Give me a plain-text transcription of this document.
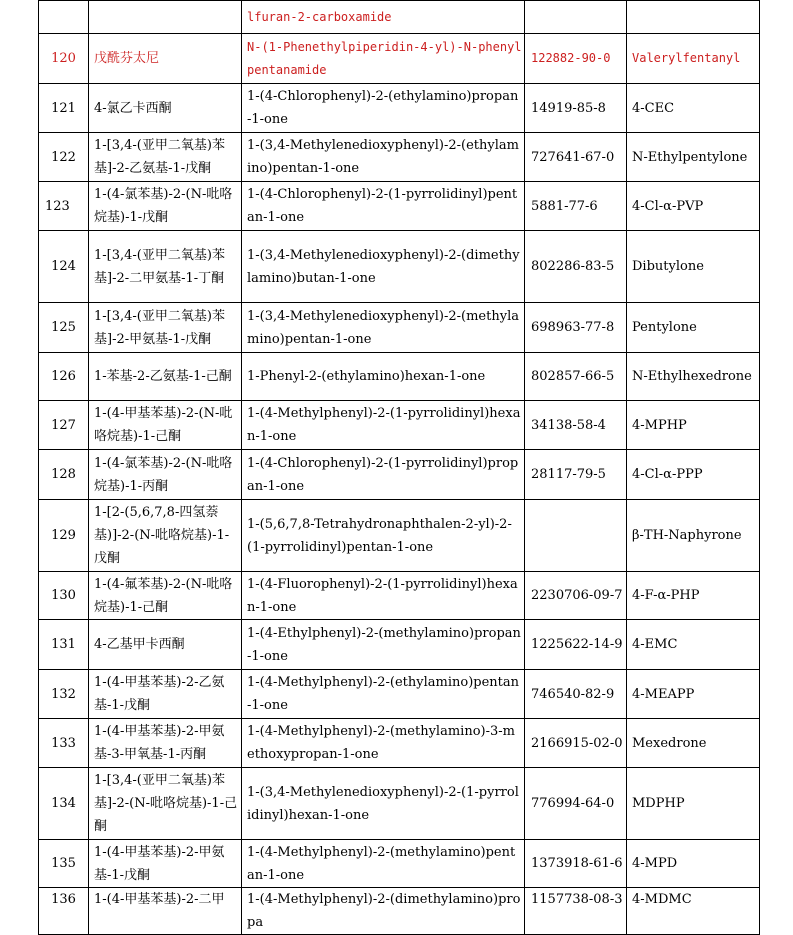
		lfuran-2-carboxamide		
120	戊酰芬太尼	N-(1-Phenethylpiperidin-4-yl)-N-phenylpentanamide	122882-90-0	Valerylfentanyl
121	4-氯乙卡西酮	1-(4-Chlorophenyl)-2-(ethylamino)propan-1-one	14919-85-8	4-CEC
122	1-[3,4-(亚甲二氧基)苯基]-2-乙氨基-1-戊酮	1-(3,4-Methylenedioxyphenyl)-2-(ethylamino)pentan-1-one	727641-67-0	N-Ethylpentylone
123	1-(4-氯苯基)-2-(N-吡咯烷基)-1-戊酮	1-(4-Chlorophenyl)-2-(1-pyrrolidinyl)pentan-1-one	5881-77-6	4-Cl-α-PVP
124	1-[3,4-(亚甲二氧基)苯基]-2-二甲氨基-1-丁酮	1-(3,4-Methylenedioxyphenyl)-2-(dimethylamino)butan-1-one	802286-83-5	Dibutylone
125	1-[3,4-(亚甲二氧基)苯基]-2-甲氨基-1-戊酮	1-(3,4-Methylenedioxyphenyl)-2-(methylamino)pentan-1-one	698963-77-8	Pentylone
126	1-苯基-2-乙氨基-1-己酮	1-Phenyl-2-(ethylamino)hexan-1-one	802857-66-5	N-Ethylhexedrone
127	1-(4-甲基苯基)-2-(N-吡咯烷基)-1-己酮	1-(4-Methylphenyl)-2-(1-pyrrolidinyl)hexan-1-one	34138-58-4	4-MPHP
128	1-(4-氯苯基)-2-(N-吡咯烷基)-1-丙酮	1-(4-Chlorophenyl)-2-(1-pyrrolidinyl)propan-1-one	28117-79-5	4-Cl-α-PPP
129	1-[2-(5,6,7,8-四氢萘基)]-2-(N-吡咯烷基)-1-戊酮	1-(5,6,7,8-Tetrahydronaphthalen-2-yl)-2-(1-pyrrolidinyl)pentan-1-one		β-TH-Naphyrone
130	1-(4-氟苯基)-2-(N-吡咯烷基)-1-己酮	1-(4-Fluorophenyl)-2-(1-pyrrolidinyl)hexan-1-one	2230706-09-7	4-F-α-PHP
131	4-乙基甲卡西酮	1-(4-Ethylphenyl)-2-(methylamino)propan-1-one	1225622-14-9	4-EMC
132	1-(4-甲基苯基)-2-乙氨基-1-戊酮	1-(4-Methylphenyl)-2-(ethylamino)pentan-1-one	746540-82-9	4-MEAPP
133	1-(4-甲基苯基)-2-甲氨基-3-甲氧基-1-丙酮	1-(4-Methylphenyl)-2-(methylamino)-3-methoxypropan-1-one	2166915-02-0	Mexedrone
134	1-[3,4-(亚甲二氧基)苯基]-2-(N-吡咯烷基)-1-己酮	1-(3,4-Methylenedioxyphenyl)-2-(1-pyrrolidinyl)hexan-1-one	776994-64-0	MDPHP
135	1-(4-甲基苯基)-2-甲氨基-1-戊酮	1-(4-Methylphenyl)-2-(methylamino)pentan-1-one	1373918-61-6	4-MPD
136	1-(4-甲基苯基)-2-二甲	1-(4-Methylphenyl)-2-(dimethylamino)propa	1157738-08-3	4-MDMC
